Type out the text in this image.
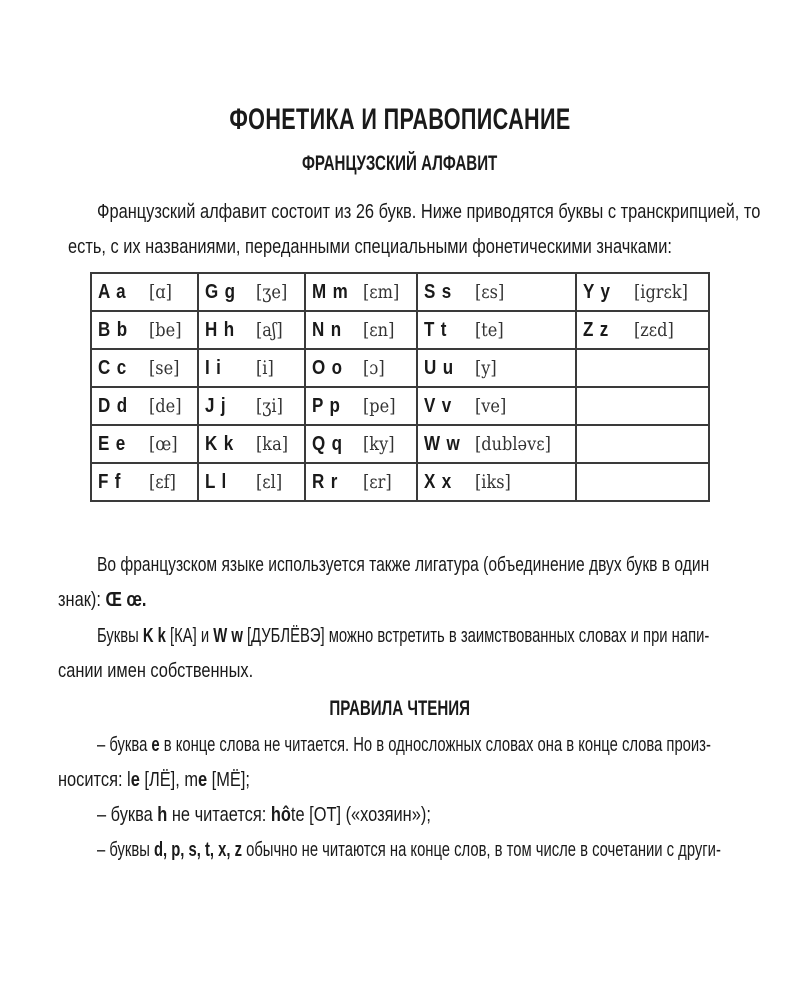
ФОНЕТИКА И ПРАВОПИСАНИЕ
ФРАНЦУЗСКИЙ АЛФАВИТ
Французский алфавит состоит из 26 букв. Ниже приводятся буквы с транскрипцией, то
есть, с их названиями, переданными специальными фонетическими значками:
A a [ɑ]	G g [ʒe]	M m [ɛm]	S s [ɛs]	Y y [igrɛk]

B b [be]	H h [aʃ]	N n [ɛn]	T t [te]	Z z [zɛd]

C c [se]	I i [i]	O o [ɔ]	U u [y]	

D d [de]	J j [ʒi]	P p [pe]	V v [ve]	

E e [œ]	K k [ka]	Q q [ky]	W w [dublәvɛ]	

F f [ɛf]	L l [ɛl]	R r [ɛr]	X x [iks]	

Во французском языке используется также лигатура (объединение двух букв в один
знак): Œ œ.
Буквы K k [КА] и W w [ДУБЛЁВЭ] можно встретить в заимствованных словах и при напи-
сании имен собственных.
ПРАВИЛА ЧТЕНИЯ
– буква e в конце слова не читается. Но в односложных словах она в конце слова произ-
носится: le [ЛЁ], me [МЁ];
– буква h не читается: hôte [ОТ] («хозяин»);
– буквы d, p, s, t, x, z обычно не читаются на конце слов, в том числе в сочетании с други-
